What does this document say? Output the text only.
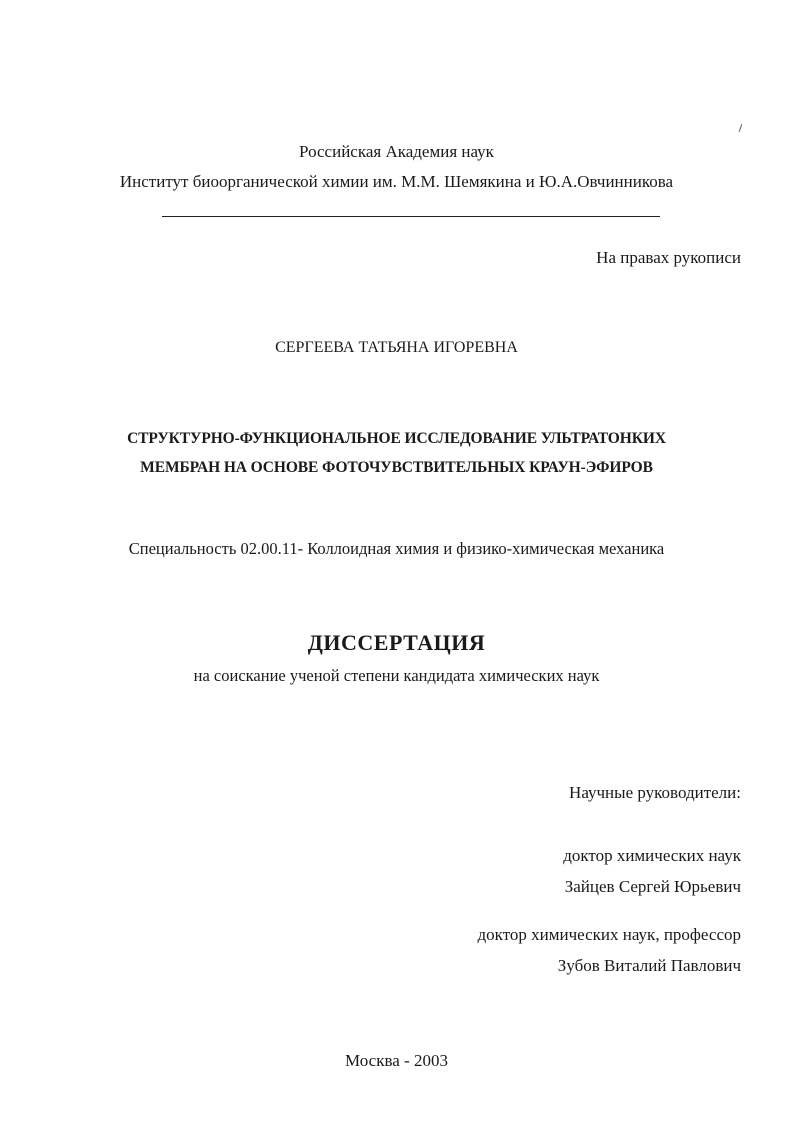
Российская Академия наук
Институт биоорганической химии им. М.М. Шемякина и Ю.А.Овчинникова
На правах рукописи
СЕРГЕЕВА ТАТЬЯНА ИГОРЕВНА
СТРУКТУРНО-ФУНКЦИОНАЛЬНОЕ ИССЛЕДОВАНИЕ УЛЬТРАТОНКИХ
МЕМБРАН НА ОСНОВЕ ФОТОЧУВСТВИТЕЛЬНЫХ КРАУН-ЭФИРОВ
Специальность 02.00.11- Коллоидная химия и физико-химическая механика
ДИССЕРТАЦИЯ
на соискание ученой степени кандидата химических наук
Научные руководители:
доктор химических наук
Зайцев Сергей Юрьевич
доктор химических наук, профессор
Зубов Виталий Павлович
Москва - 2003
